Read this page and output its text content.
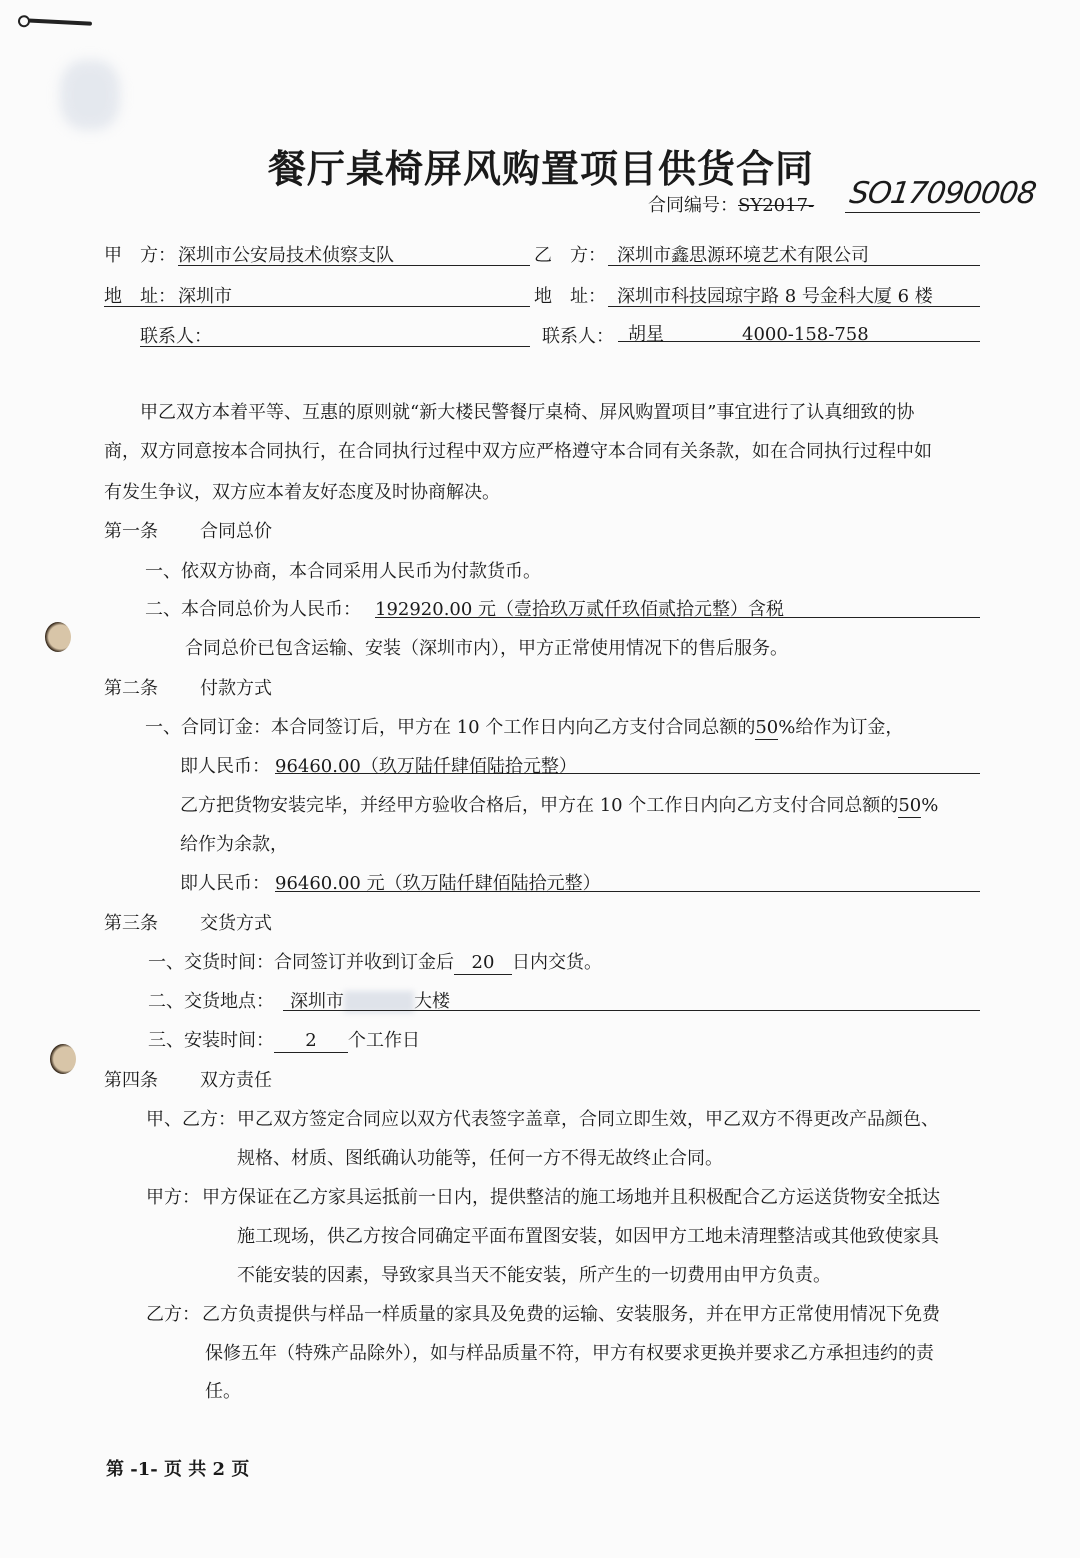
餐厅桌椅屏风购置项目供货合同
合同编号：SY2017- SO17090008
甲　方： 深圳市公安局技术侦察支队	乙　方： 深圳市鑫思源环境艺术有限公司
地　址： 深圳市	地　址： 深圳市科技园琼宇路 8 号金科大厦 6 楼
联系人：	联系人： 胡星	4000-158-758
甲乙双方本着平等、互惠的原则就“新大楼民警餐厅桌椅、屏风购置项目”事宜进行了认真细致的协
商，双方同意按本合同执行，在合同执行过程中双方应严格遵守本合同有关条款，如在合同执行过程中如
有发生争议，双方应本着友好态度及时协商解决。
第一条 合同总价
一、依双方协商，本合同采用人民币为付款货币。
二、本合同总价为人民币： 192920.00 元（壹拾玖万贰仟玖佰贰拾元整）含税
合同总价已包含运输、安装（深圳市内），甲方正常使用情况下的售后服务。
第二条 付款方式
一、合同订金：本合同签订后，甲方在 10 个工作日内向乙方支付合同总额的50%给作为订金，
即人民币： 96460.00（玖万陆仟肆佰陆拾元整）
乙方把货物安装完毕，并经甲方验收合格后，甲方在 10 个工作日内向乙方支付合同总额的50%
给作为余款，
即人民币： 96460.00 元（玖万陆仟肆佰陆拾元整）
第三条 交货方式
一、交货时间：合同签订并收到订金后 20 日内交货。
二、交货地点： 深圳市	大楼
三、安装时间： 2 个工作日
第四条 双方责任
甲、乙方： 甲乙双方签定合同应以双方代表签字盖章，合同立即生效，甲乙双方不得更改产品颜色、
规格、材质、图纸确认功能等，任何一方不得无故终止合同。
甲方： 甲方保证在乙方家具运抵前一日内，提供整洁的施工场地并且积极配合乙方运送货物安全抵达
施工现场，供乙方按合同确定平面布置图安装，如因甲方工地未清理整洁或其他致使家具
不能安装的因素，导致家具当天不能安装，所产生的一切费用由甲方负责。
乙方： 乙方负责提供与样品一样质量的家具及免费的运输、安装服务，并在甲方正常使用情况下免费
保修五年（特殊产品除外），如与样品质量不符，甲方有权要求更换并要求乙方承担违约的责
任。
第 -1- 页 共 2 页
